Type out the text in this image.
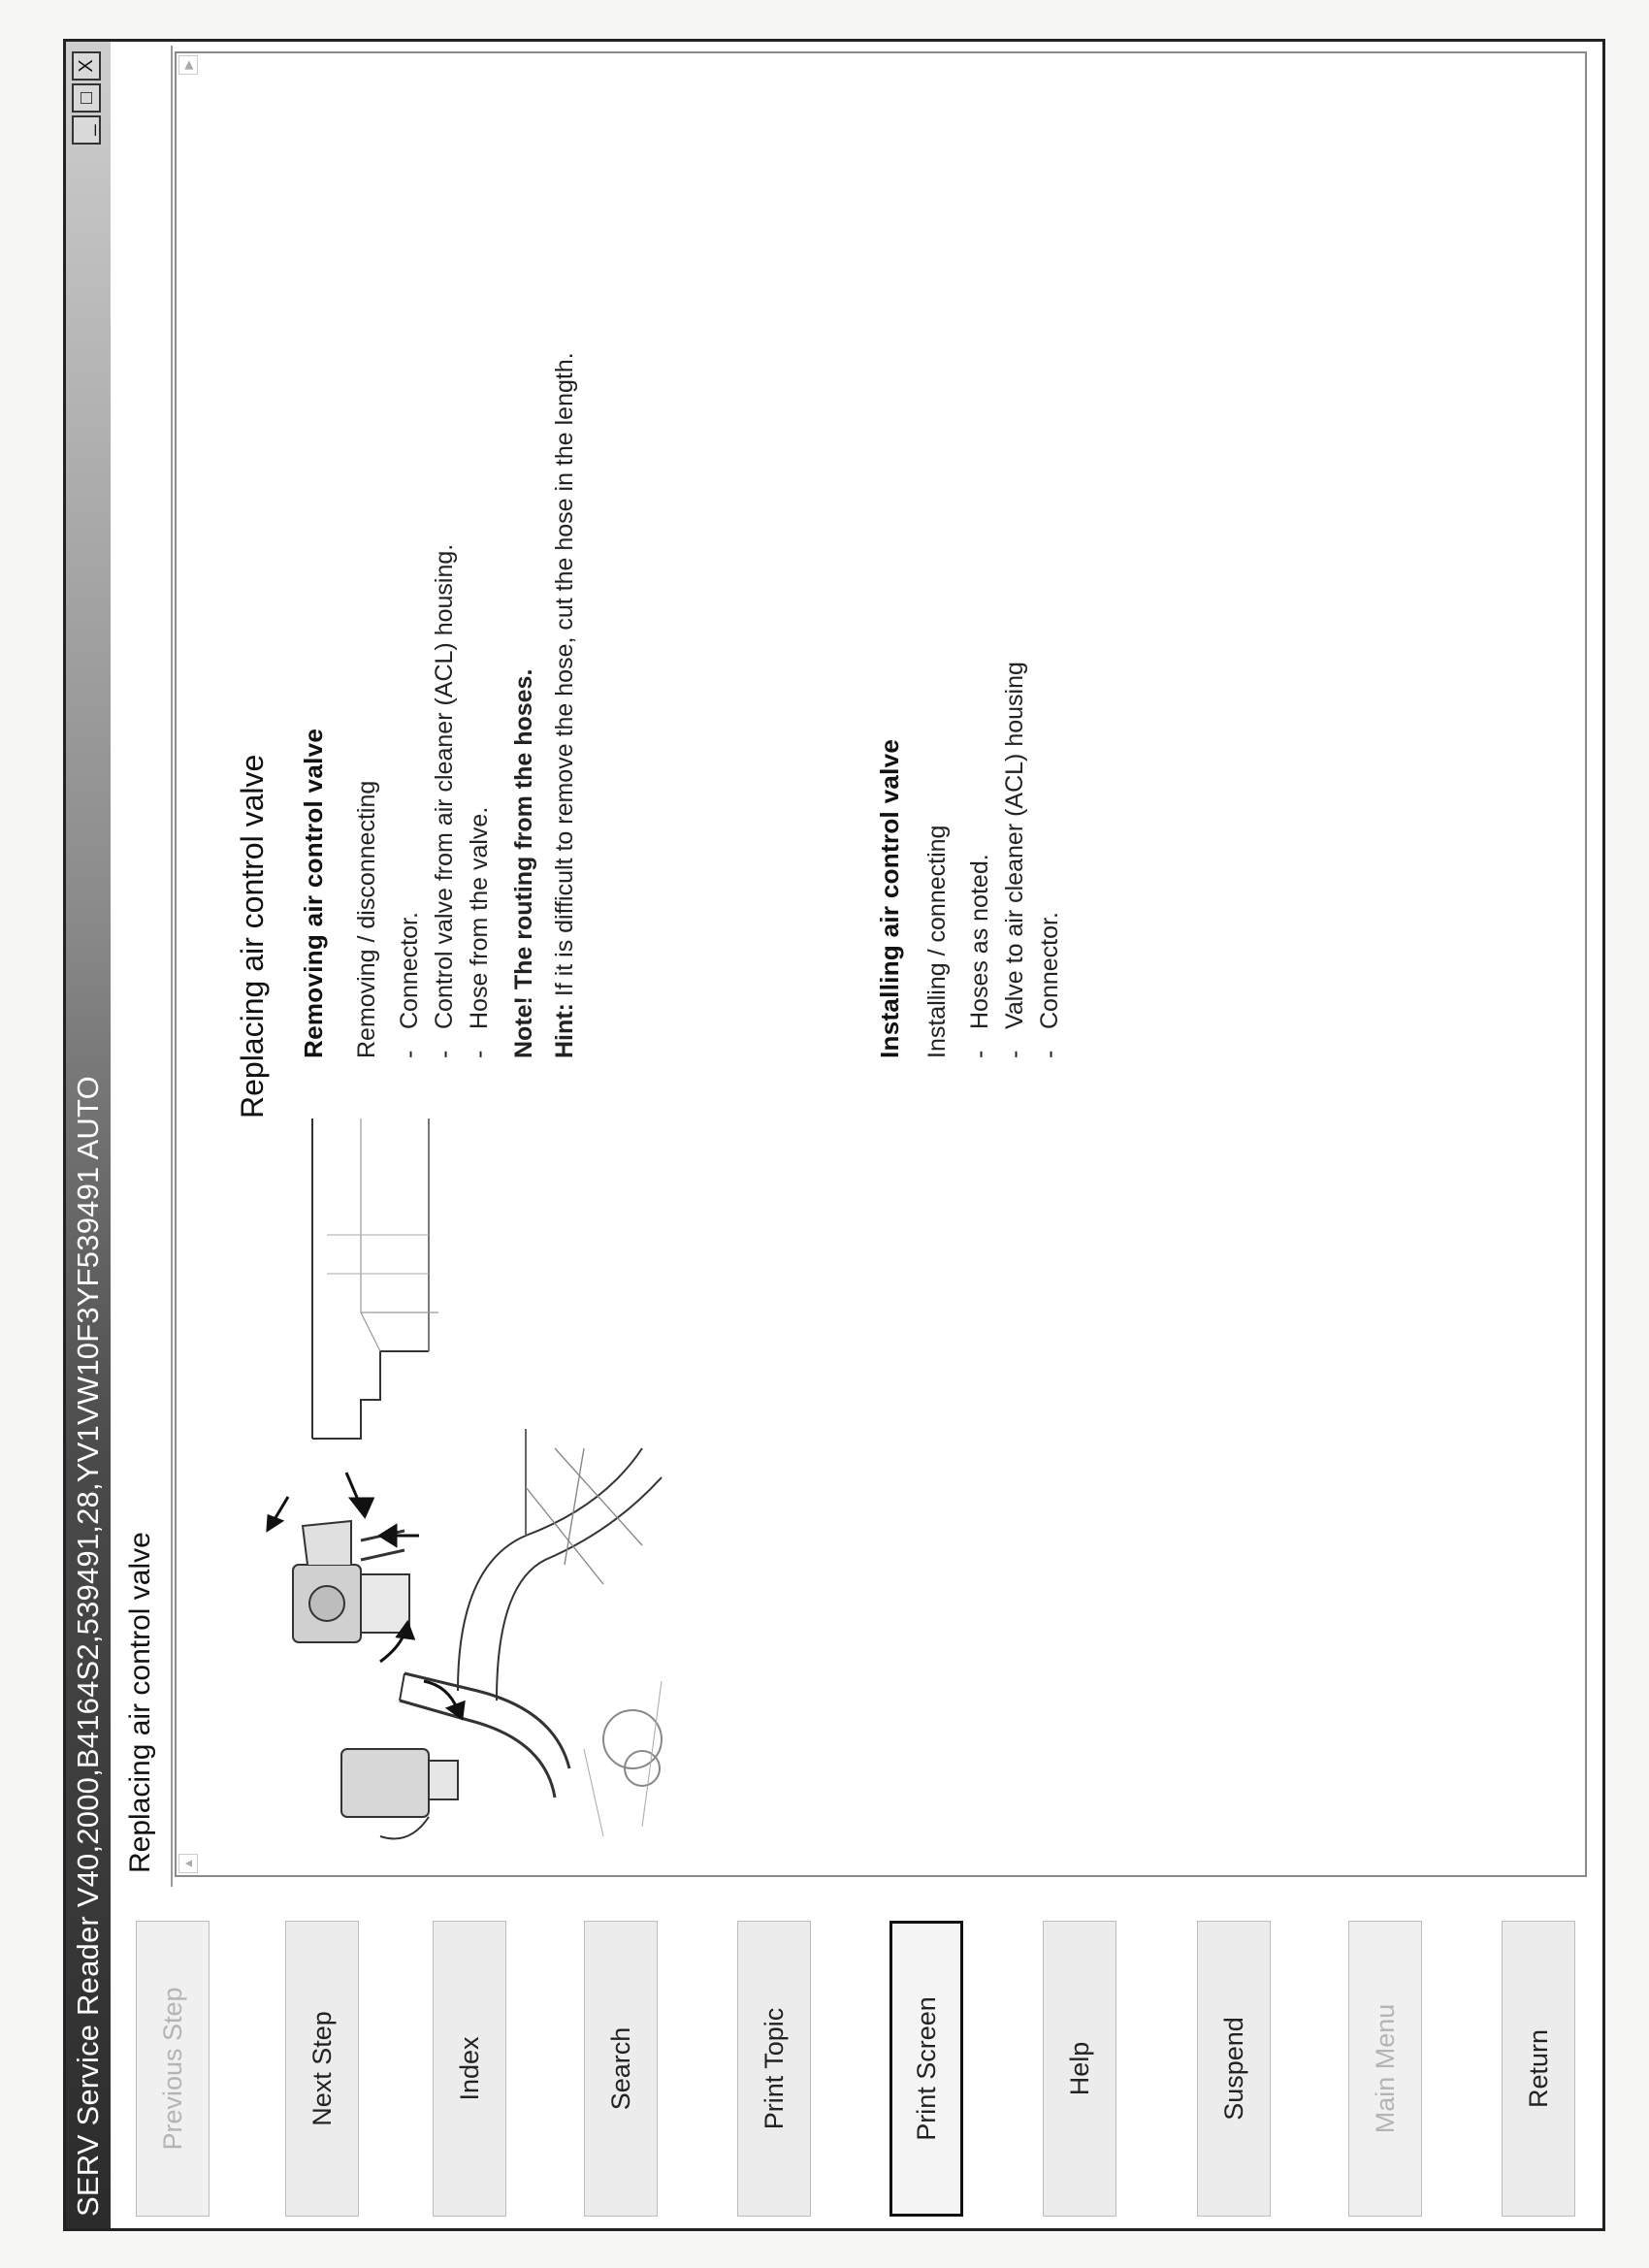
SERV Service Reader V40,2000,B4164S2,539491,28,YV1VW10F3YF539491 AUTO
_
□
X
Previous Step	Next Step	Index	Search	Print Topic	Print Screen	Help	Suspend	Main Menu	Return
Replacing air control valve ▲
▶
Replacing air control valve Removing air control valve Removing / disconnecting -Connector.
-Control valve from air cleaner (ACL) housing.
-Hose from the valve. Note! The routing from the hoses.
Hint: If it is difficult to remove the hose, cut the hose in the length.	Installing air control valve Installing / connecting -Hoses as noted.
-Valve to air cleaner (ACL) housing
-Connector.
